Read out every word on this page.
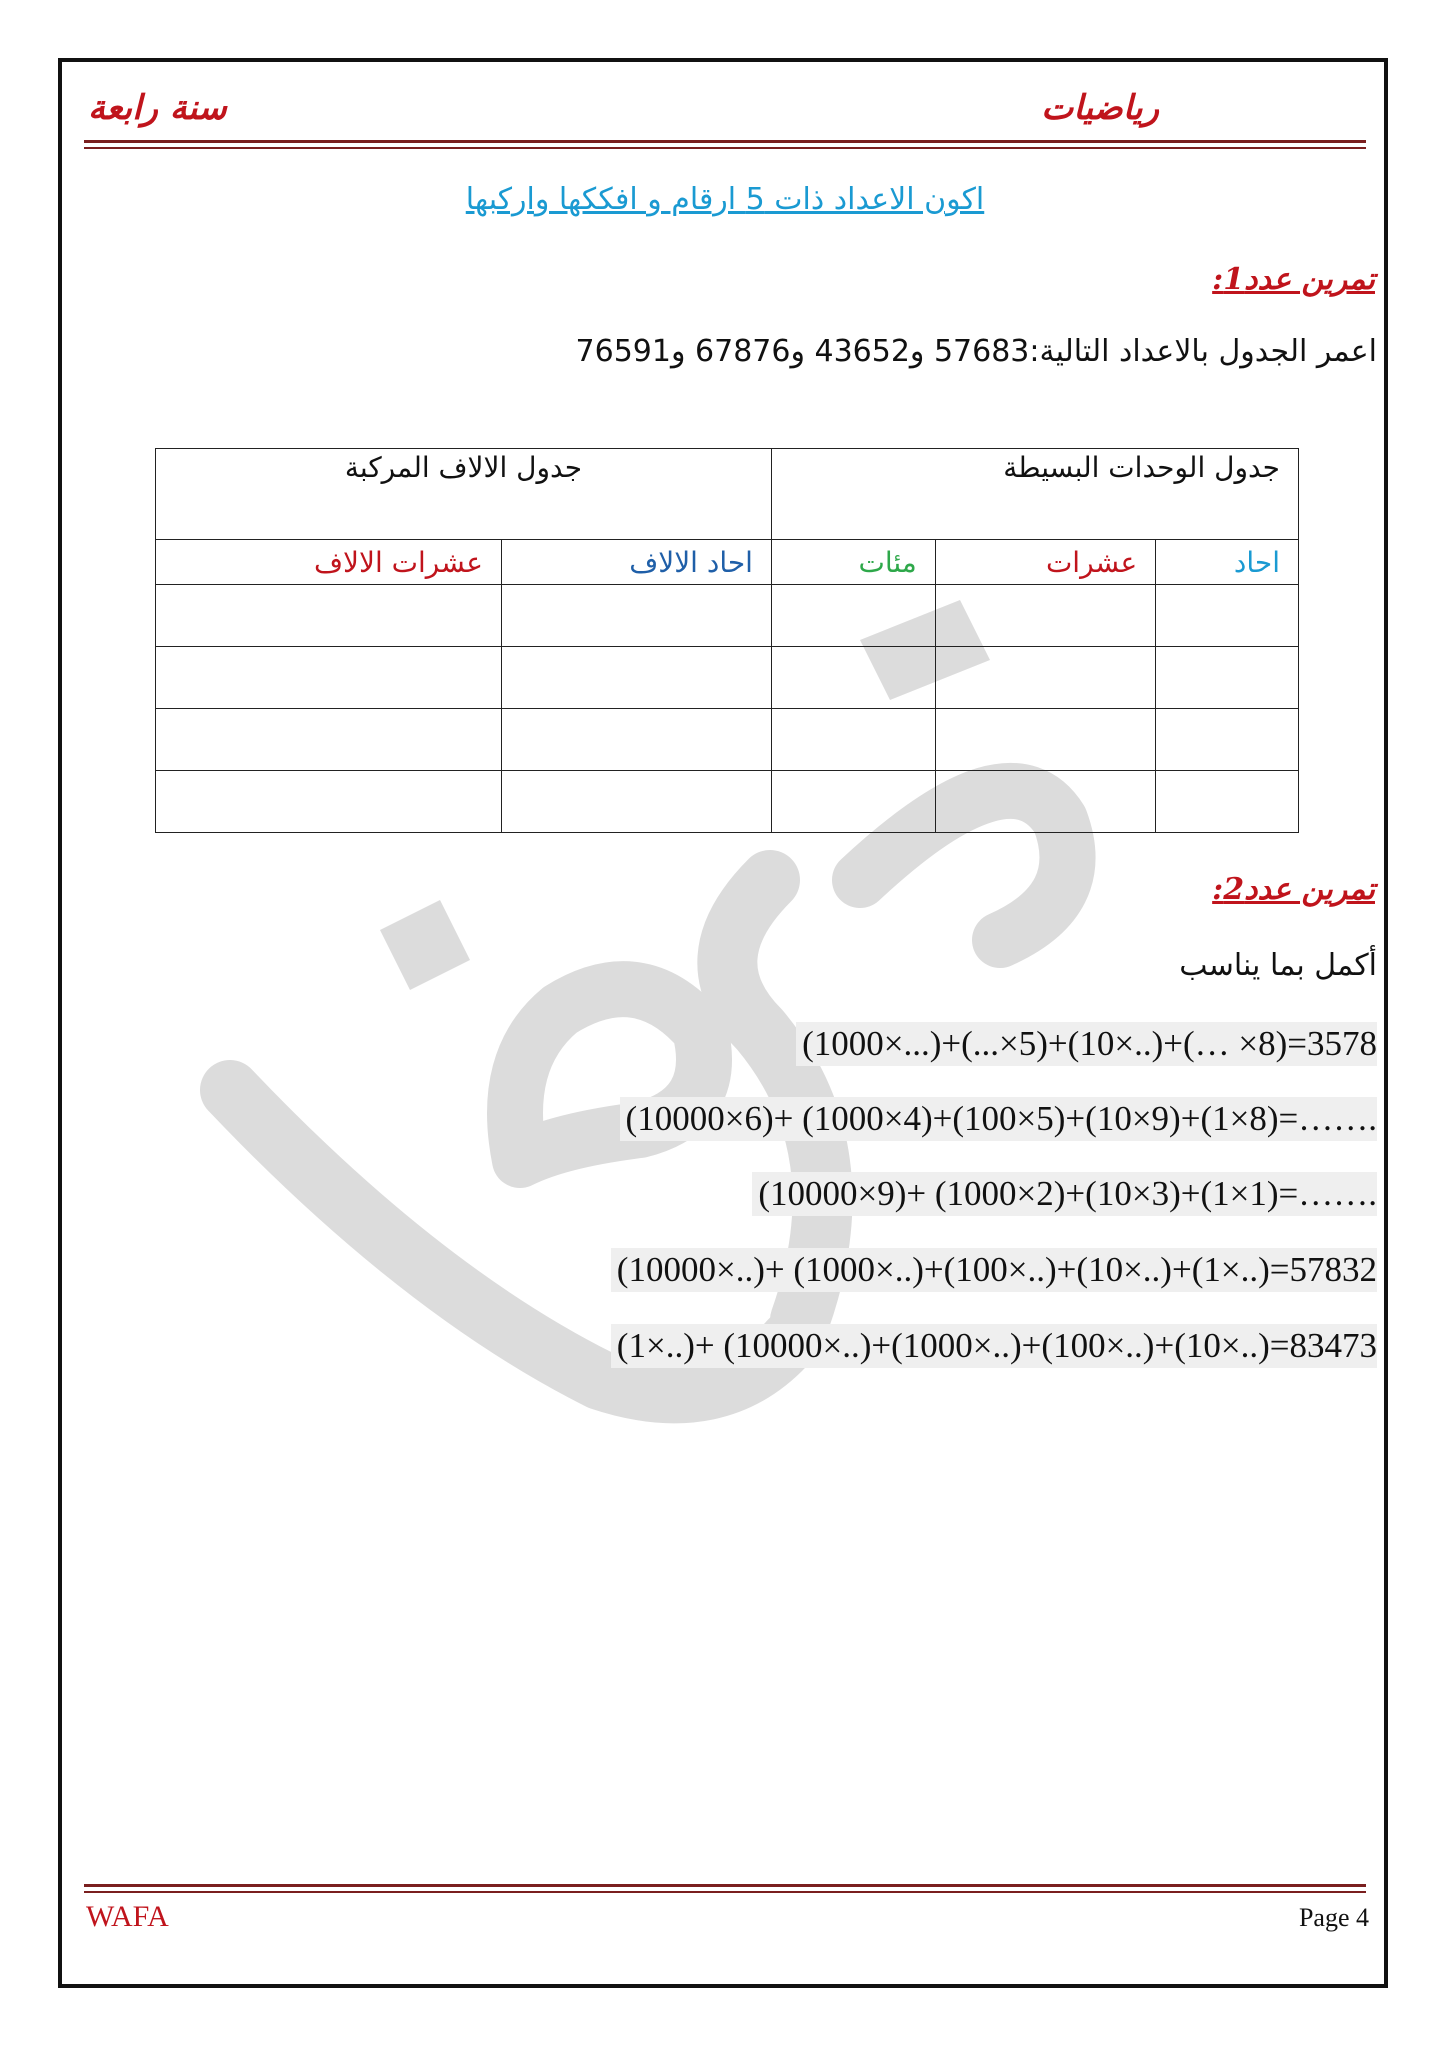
رياضيات
سنة رابعة
اكون الاعداد ذات 5 ارقام و افككها واركبها
تمرين عدد1:
اعمر الجدول بالاعداد التالية:57683 و43652 و67876 و76591
جدول الوحدات البسيطة			جدول الالاف المركبة	
احاد	عشرات	مئات	احاد الالاف	عشرات الالاف

تمرين عدد2:
أكمل بما يناسب
(1000×...)+(...×5)+(10×..)+(… ×8)=3578
(10000×6)+ (1000×4)+(100×5)+(10×9)+(1×8)=…….
(10000×9)+ (1000×2)+(10×3)+(1×1)=…….
(10000×..)+ (1000×..)+(100×..)+(10×..)+(1×..)=57832
(1×..)+ (10000×..)+(1000×..)+(100×..)+(10×..)=83473
WAFA	Page 4
